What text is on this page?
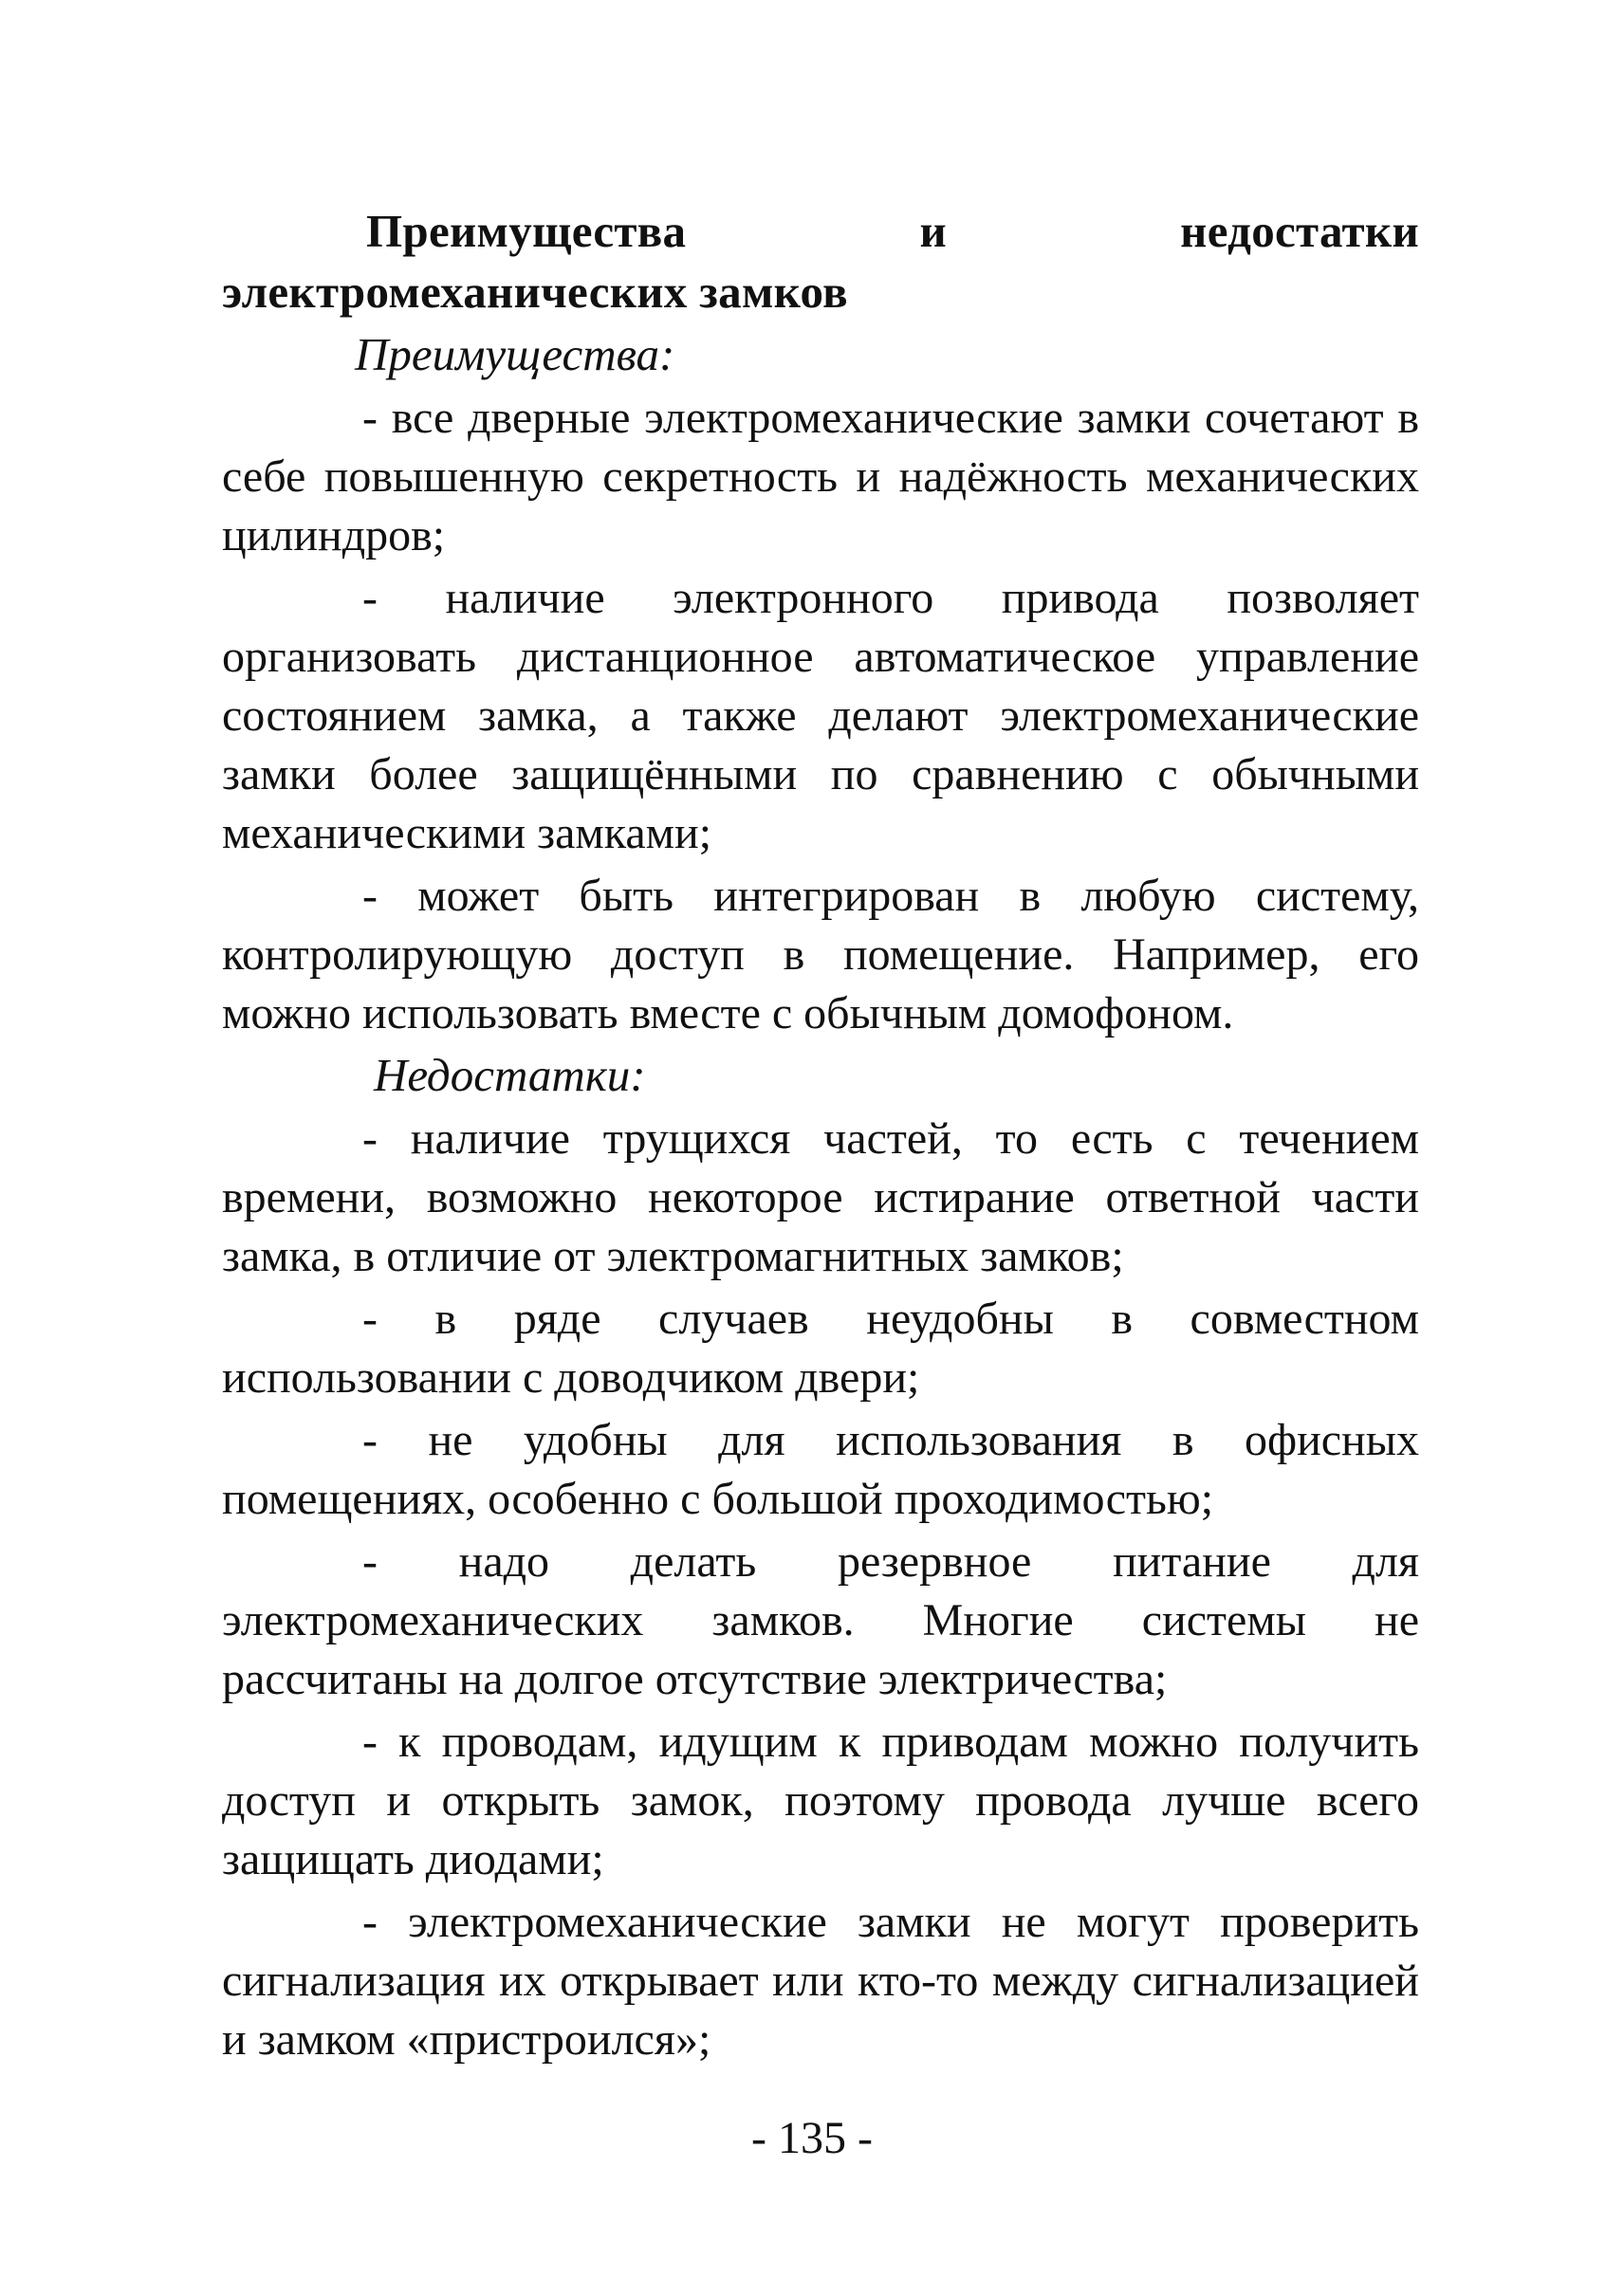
Преимущества и недостатки электромеханических замков

Преимущества:

- все дверные электромеханические замки сочетают в себе повышенную секретность и надёжность механических цилиндров;

- наличие электронного привода позволяет организовать дистанционное автоматическое управление состоянием замка, а также делают электромеханические замки более защищёнными по сравнению с обычными механическими замками;

- может быть интегрирован в любую систему, контролирующую доступ в помещение. Например, его можно использовать вместе с обычным домофоном.

Недостатки:

- наличие трущихся частей, то есть с течением времени, возможно некоторое истирание ответной части замка, в отличие от электромагнитных замков;

- в ряде случаев неудобны в совместном использовании с доводчиком двери;

- не удобны для использования в офисных помещениях, особенно с большой проходимостью;

- надо делать резервное питание для электромеханических замков. Многие системы не рассчитаны на долгое отсутствие электричества;

- к проводам, идущим к приводам можно получить доступ и открыть замок, поэтому провода лучше всего защищать диодами;

- электромеханические замки не могут проверить сигнализация их открывает или кто-то между сигнализацией и замком «пристроился»;

- 135 -
